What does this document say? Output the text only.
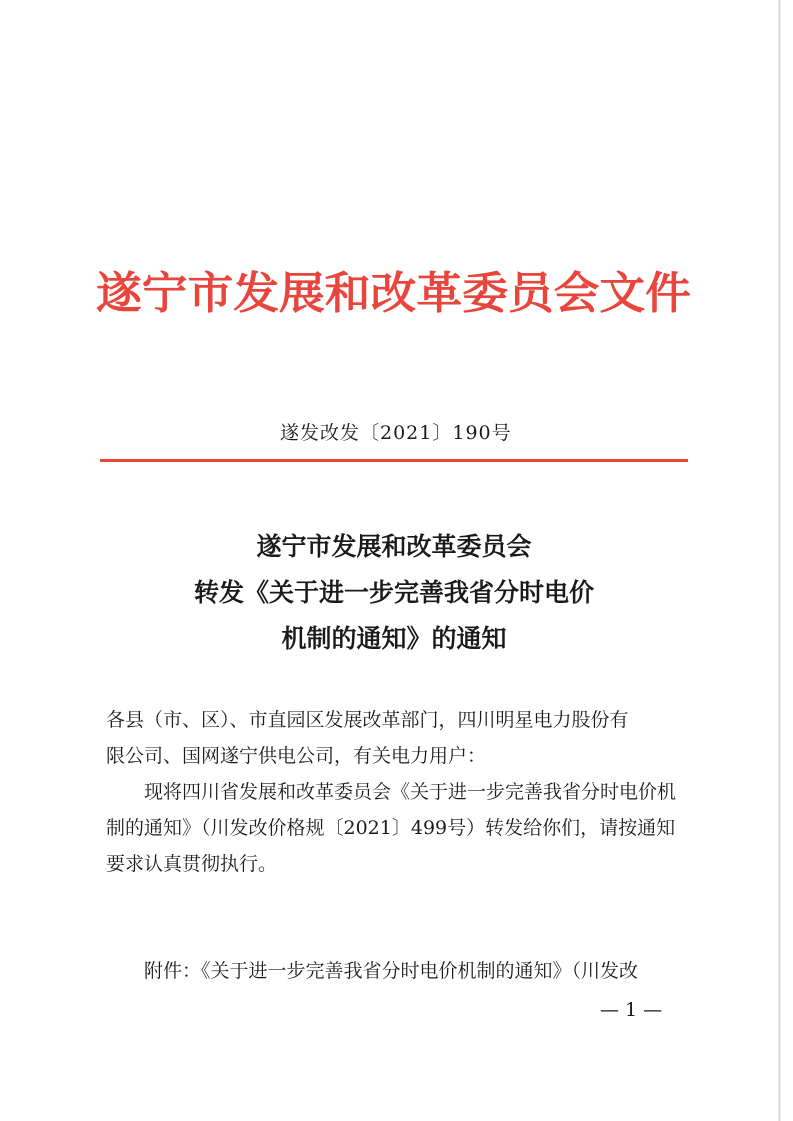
遂宁市发展和改革委员会文件
遂发改发〔2021〕190号
遂宁市发展和改革委员会
转发《关于进一步完善我省分时电价
机制的通知》的通知

各县（市、区）、市直园区发展改革部门，四川明星电力股份有

限公司、国网遂宁供电公司，有关电力用户：

现将四川省发展和改革委员会《关于进一步完善我省分时电价机制的通知》（川发改价格规〔2021〕499号）转发给你们，请按通知要求认真贯彻执行。

附件：《关于进一步完善我省分时电价机制的通知》（川发改
— 1 —
